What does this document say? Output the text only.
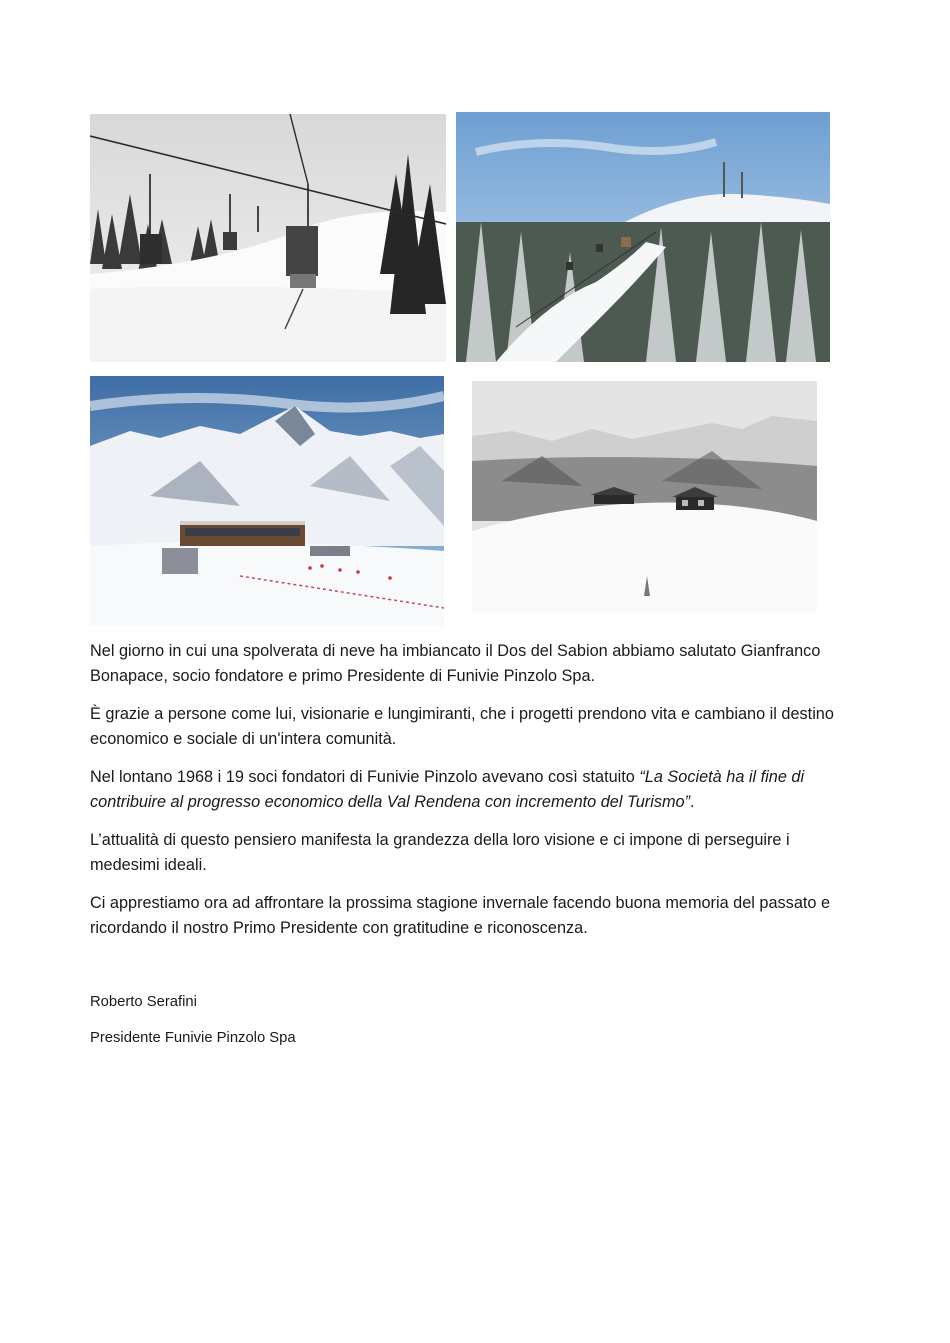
Nel giorno in cui una spolverata di neve ha imbiancato il Dos del Sabion abbiamo salutato Gianfranco Bonapace, socio fondatore e primo Presidente di Funivie Pinzolo Spa.

È grazie a persone come lui, visionarie e lungimiranti, che i progetti prendono vita e cambiano il destino economico e sociale di un'intera comunità.

Nel lontano 1968 i 19 soci fondatori di Funivie Pinzolo avevano così statuito “La Società ha il fine di contribuire al progresso economico della Val Rendena con incremento del Turismo”.

L’attualità di questo pensiero manifesta la grandezza della loro visione e ci impone di perseguire i medesimi ideali.

Ci apprestiamo ora ad affrontare la prossima stagione invernale facendo buona memoria del passato e ricordando il nostro Primo Presidente con gratitudine e riconoscenza.

Roberto Serafini
Presidente Funivie Pinzolo Spa
